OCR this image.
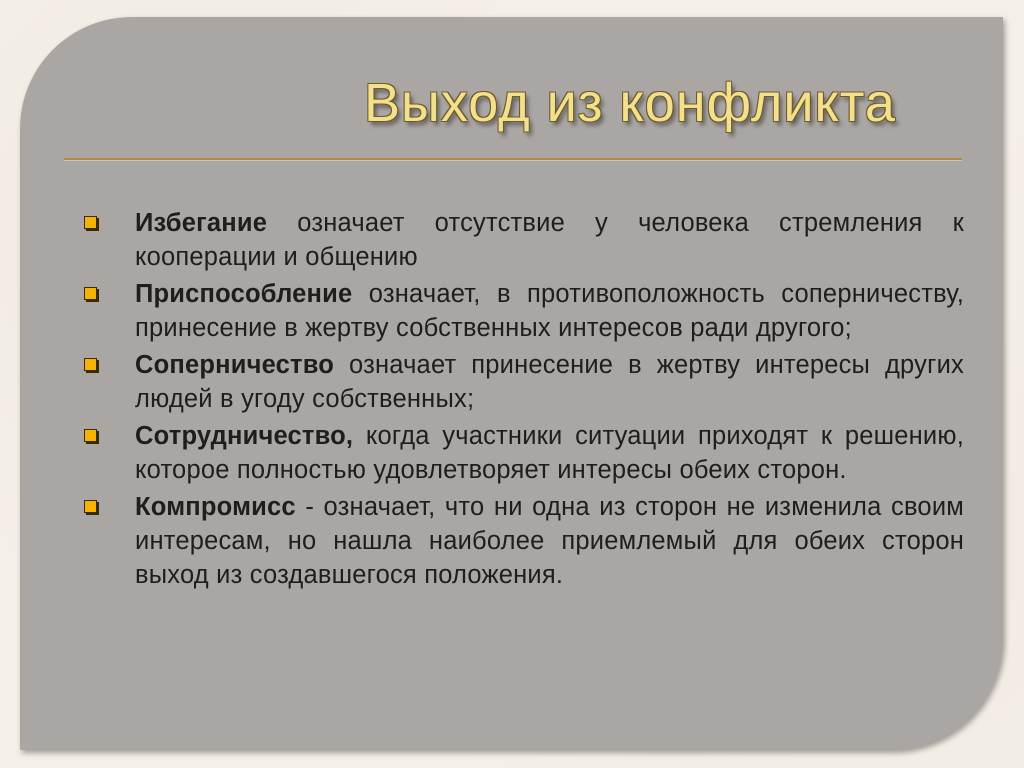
Выход из конфликта
Избегание означает отсутствие у человека стремления к кооперации и общению
Приспособление означает, в противоположность соперничеству, принесение в жертву собственных интересов ради другого;
Соперничество означает принесение в жертву интересы других людей в угоду собственных;
Сотрудничество, когда участники ситуации приходят к решению, которое полностью удовлетворяет интересы обеих сторон.
Компромисс - означает, что ни одна из сторон не изменила своим интересам, но нашла наиболее приемлемый для обеих сторон выход из создавшегося положения.
